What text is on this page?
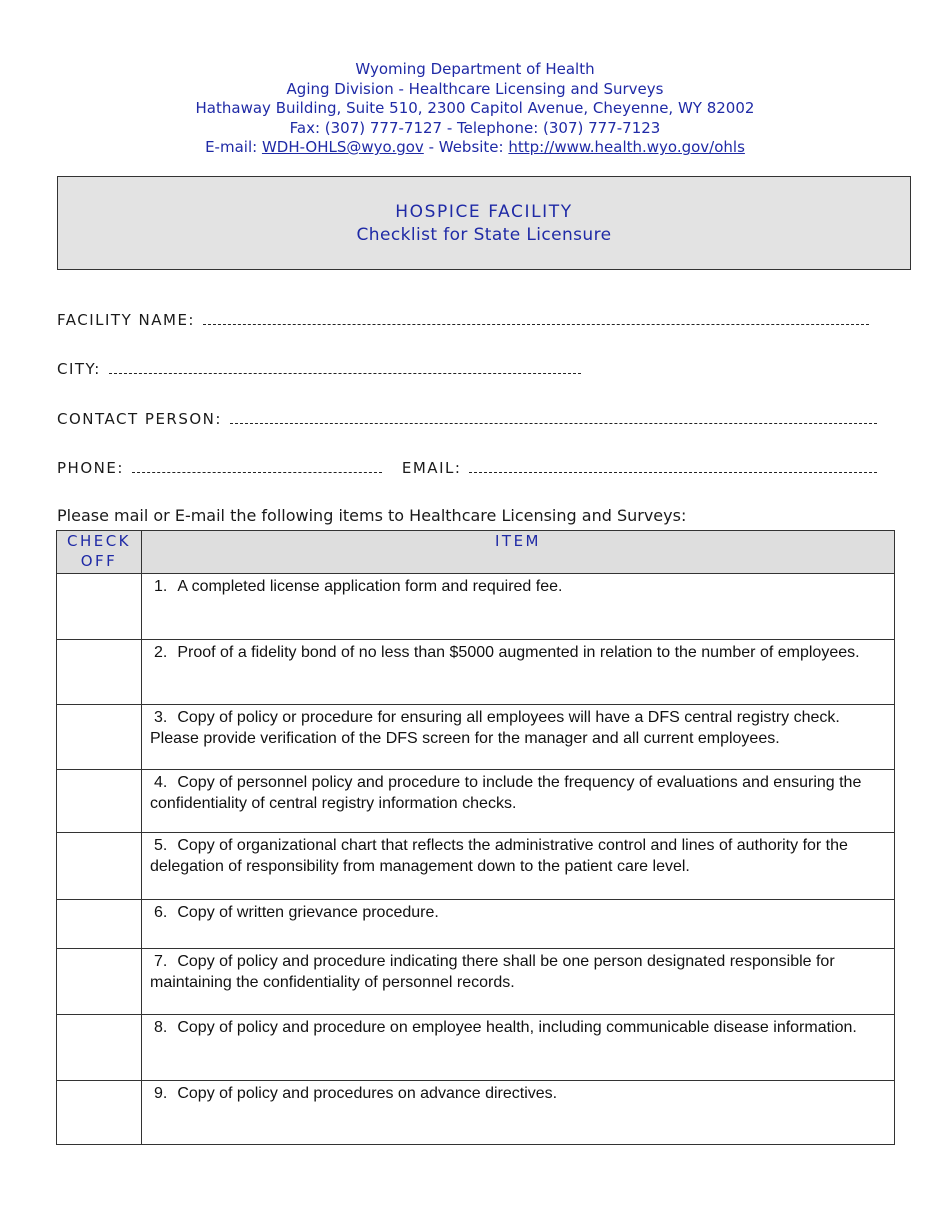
Wyoming Department of Health
Aging Division - Healthcare Licensing and Surveys
Hathaway Building, Suite 510, 2300 Capitol Avenue, Cheyenne, WY 82002
Fax: (307) 777-7127 - Telephone: (307) 777-7123
E-mail: WDH-OHLS@wyo.gov - Website: http://www.health.wyo.gov/ohls
HOSPICE FACILITY
Checklist for State Licensure
FACILITY NAME:
CITY:
CONTACT PERSON:
PHONE:	EMAIL:
Please mail or E-mail the following items to Healthcare Licensing and Surveys:
CHECK OFF	ITEM
	1. A completed license application form and required fee.
	2. Proof of a fidelity bond of no less than $5000 augmented in relation to the number of employees.
	3. Copy of policy or procedure for ensuring all employees will have a DFS central registry check. Please provide verification of the DFS screen for the manager and all current employees.
	4. Copy of personnel policy and procedure to include the frequency of evaluations and ensuring the confidentiality of central registry information checks.
	5. Copy of organizational chart that reflects the administrative control and lines of authority for the delegation of responsibility from management down to the patient care level.
	6. Copy of written grievance procedure.
	7. Copy of policy and procedure indicating there shall be one person designated responsible for maintaining the confidentiality of personnel records.
	8. Copy of policy and procedure on employee health, including communicable disease information.
	9. Copy of policy and procedures on advance directives.
